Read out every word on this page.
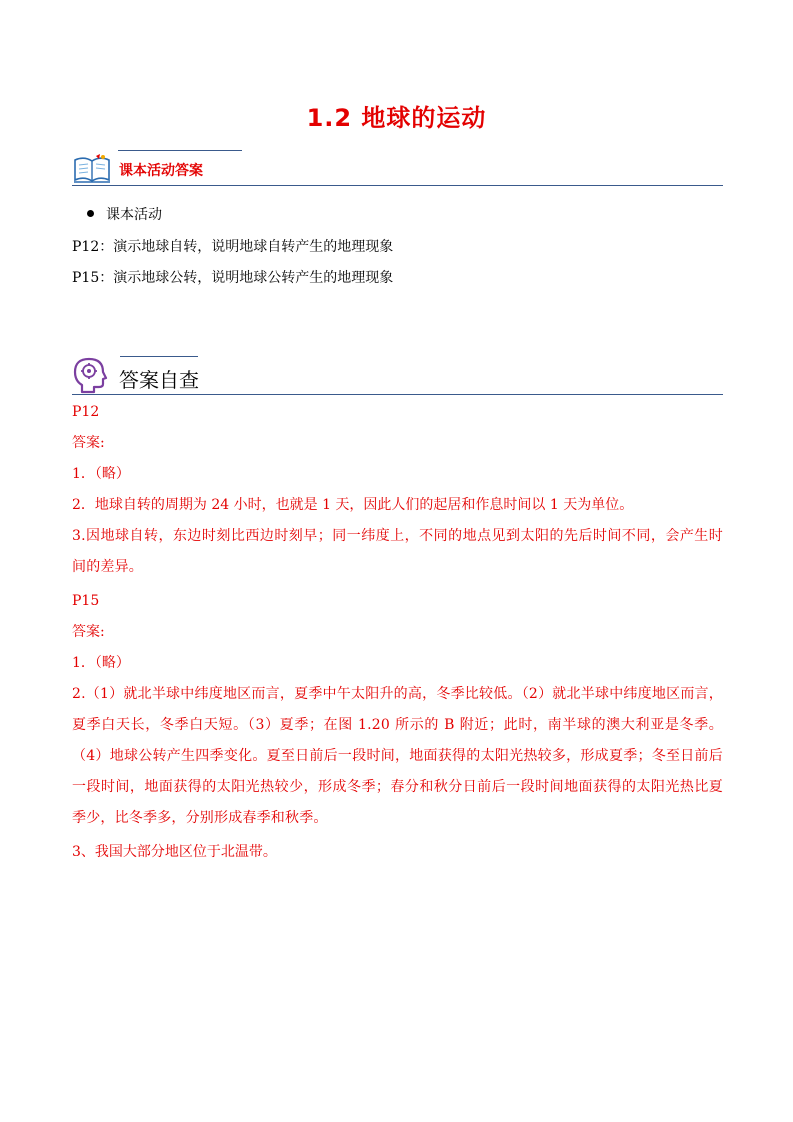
1.2 地球的运动
课本活动答案
课本活动
P12：演示地球自转，说明地球自转产生的地理现象
P15：演示地球公转，说明地球公转产生的地理现象
答案自查
P12
答案:
1．（略）
2．地球自转的周期为 24 小时，也就是 1 天，因此人们的起居和作息时间以 1 天为单位。
3.因地球自转，东边时刻比西边时刻早；同一纬度上，不同的地点见到太阳的先后时间不同，会产生时间的差异。
P15
答案:
1．（略）
2.（1）就北半球中纬度地区而言，夏季中午太阳升的高，冬季比较低。（2）就北半球中纬度地区而言，夏季白天长，冬季白天短。（3）夏季；在图 1.20 所示的 B 附近；此时，南半球的澳大利亚是冬季。（4）地球公转产生四季变化。夏至日前后一段时间，地面获得的太阳光热较多，形成夏季；冬至日前后一段时间，地面获得的太阳光热较少，形成冬季；春分和秋分日前后一段时间地面获得的太阳光热比夏季少，比冬季多，分别形成春季和秋季。
3、我国大部分地区位于北温带。
